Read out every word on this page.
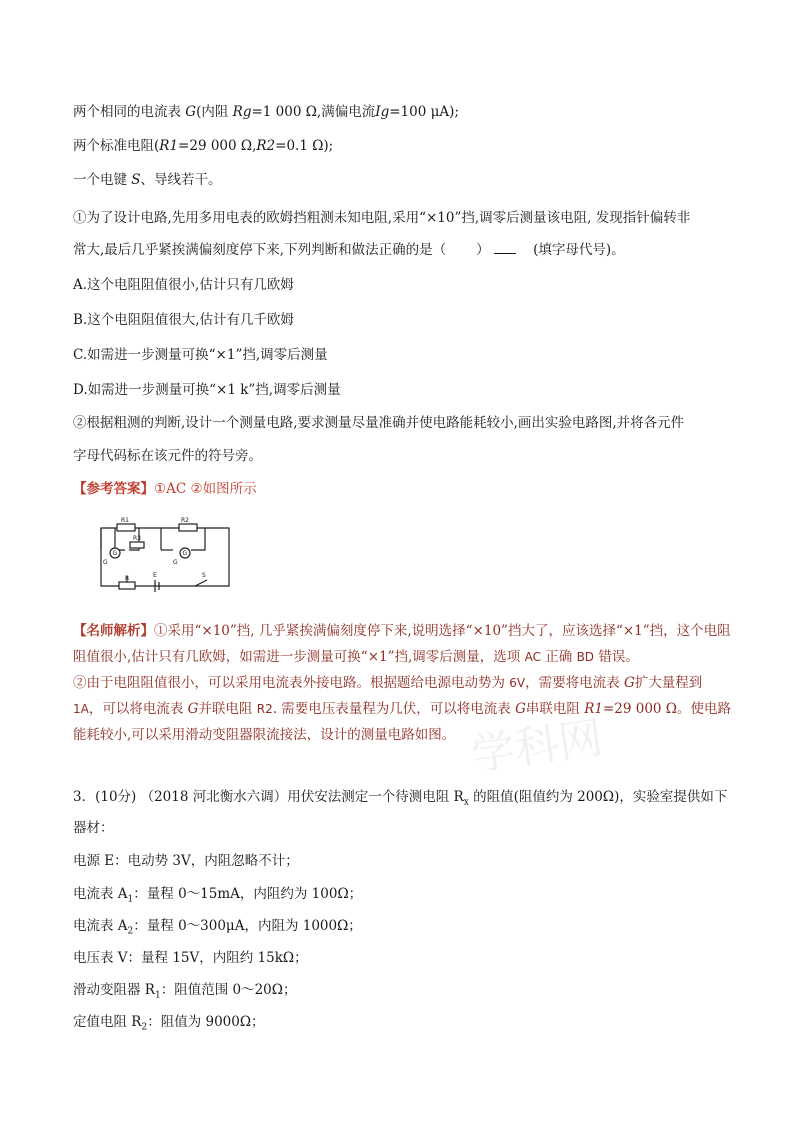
两个相同的电流表 G(内阻 Rg=1 000 Ω,满偏电流Ig=100 μA);
两个标准电阻(R1=29 000 Ω,R2=0.1 Ω);
一个电键 S、导线若干。
①为了设计电路,先用多用电表的欧姆挡粗测未知电阻,采用“×10”挡,调零后测量该电阻, 发现指针偏转非
常大,最后几乎紧挨满偏刻度停下来,下列判断和做法正确的是（ ）	(填字母代号)。
A.这个电阻阻值很小,估计只有几欧姆
B.这个电阻阻值很大,估计有几千欧姆
C.如需进一步测量可换“×1”挡,调零后测量
D.如需进一步测量可换“×1 k”挡,调零后测量
②根据粗测的判断,设计一个测量电路,要求测量尽量准确并使电路能耗较小,画出实验电路图,并将各元件
字母代码标在该元件的符号旁。
【参考答案】①AC ②如图所示
R1	R2
R3
G	G
G	G
R	E	S
【名师解析】①采用“×10”挡, 几乎紧挨满偏刻度停下来,说明选择“×10”挡大了，应该选择“×1”挡，这个电阻阻值很小,估计只有几欧姆，如需进一步测量可换“×1”挡,调零后测量，选项 AC 正确 BD 错误。
②由于电阻阻值很小，可以采用电流表外接电路。根据题给电源电动势为 6V，需要将电流表 G扩大量程到 1A，可以将电流表 G并联电阻 R2. 需要电压表量程为几伏，可以将电流表 G串联电阻 R1=29 000 Ω。使电路能耗较小,可以采用滑动变阻器限流接法，设计的测量电路如图。 学科网
3．(10分) （2018 河北衡水六调）用伏安法测定一个待测电阻 $R_x$ 的阻值(阻值约为 200Ω)，实验室提供如下
器材：
电源 E：电动势 3V，内阻忽略不计；
电流表 $A_1$：量程 0～15mA，内阻约为 100Ω；
电流表 $A_2$：量程 0～300μA，内阻为 1000Ω；
电压表 V：量程 15V，内阻约 15kΩ；
滑动变阻器 $R_1$：阻值范围 0～20Ω；
定值电阻 $R_2$：阻值为 9000Ω；
